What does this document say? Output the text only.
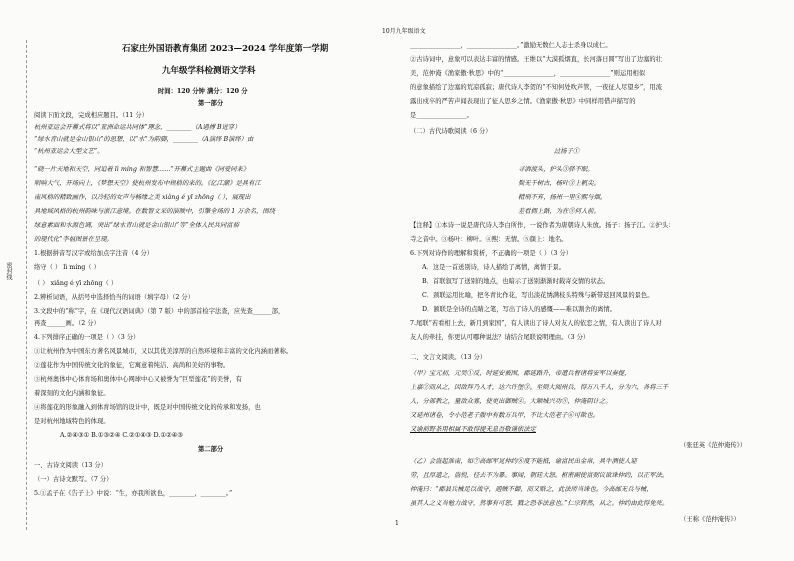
10月九年级语文
密封线
石家庄外国语教育集团 2023—2024 学年度第一学期
九年级学科检测语文学科
时间：120 分钟 满分：120 分
第一部分
阅读下面文段，完成相应题目。（11 分）
杭州亚运会开幕式将以“亚洲命运共同体”理念，________（A遇搏 B迸穿）
“绿水青山就是金山银山”的思想，以“水”为韵脚，________（A演绎 B演绎）由
“杭州亚运会大型文艺”。
“晓一片天地和天空，同追着 lì míng 和智慧……”开幕式主题曲《同爱同来》
唱响大气，开场向上，《梦想天空》使杭州发布中规格的来的。《亿江潮》是具有江
南风格的精致画作，以冷轻的女声与畅缘之美 xiǎng é yī zhōng（ ），展现出
具地域风格的杭州韵味与浙江意境。在数智文采的演映中，引擎全场的 1 万余名，围绕
绿意素面和水源色调，突出“绿水青山就是金山银山”等“全体人民共同富裕
的现代化”李福图景在呈现。
1.根据拼音写汉字或给加点字注音（4 分）
络守（ ） lì míng（ ）
（ ） xiǎng é yī zhōng（ ）
2.辨析词语，从括号中选择恰当的词语（填字母）（2 分）
3.文段中的“称”字，在《现代汉语词典》（第 7 版）中的部首检字法查，应先查______部，
再查______画。（2 分）
4.下列排序正确的一项是（ ）（3 分）
①让杭州作为中国东方著名风景城市，又以其优美淳厚的自然环境和丰富的文化内涵而著称。
②莲花作为中国传统文化的象征，它寓意着纯洁、高尚和美好的事物。
③杭州奥体中心体育场和奥体中心网球中心又被誉为“巨型莲花”的美誉，有
着深刻的文化内涵和象征。
④将莲花的形象融入到体育场馆的设计中，既是对中国传统文化的传承和发扬，也
是对杭州地域特色的体现。
A.②④③① B.①③②④ C.②①④③ D.①②④③
第二部分
一、古诗文阅读（13 分）
（一）古诗文默写。（7 分）
5.①孟子在《告子上》中说：“生，亦我所欲也，________，________。”
________________，________________。”激励无数仁人志士杀身以成仁。
②古诗词中，意象可以表达丰富的情感。王维以“大漠孤烟直，长河落日圆”写出了边塞的壮
美，范仲淹《渔家傲·秋思》中的“________________，________________”则运用相似
的意象描绘了边塞的荒凉孤寂；唐代诗人李贺的“不知何处吹芦管，一夜征人尽望乡”，用流
露出戍卒的严苦声闻表现出了征人思乡之情。《渔家傲·秋思》中同样用借声描写的
是________________。
（二）古代诗歌阅读（6 分）
过扬子①
寻洒渡头，护头③驿不眠。
鬓无千树古，杨叶③上帆尖。
精刑不弃，扬州一里④熙与烟。
差看拥上路，为在⑤何人前。
【注释】①本诗一说是唐代诗人李白所作，一说作者为唐朝诗人朱放。扬子：扬子江。②护头：
寺之音中。③杨叶：柳叶。④熙：无情。⑤颜上：地名。
6.下列对诗作的理解和赏析，不正确的一项是（ ）（3 分）
A．这是一首送别诗，诗人描绘了离情，离情于景。
B．首联叙写了送别的地点，也暗示了送别渐渐时载寄交情的状态。
C．颈联运用比喻，把冬青比作花，写出淡花绣满枝头特殊与新带返回风景的景色。
D．颔联是全诗的点睛之笔，写出了诗人的感慨——难以割舍的离情。
7.尾联“若看相上去，新月到家国”，有人读出了诗人对友人的依恋之情，有人读出了诗人对
友人的牵挂，你更认可哪种说法？请结合尾联说明理由。（3 分）
二、文言文阅读。（13 分）
（甲）宝元初，元昊①反，时延安被围，郡延路升，帝遣兵督诸将安军以奏提，
上嘉②而从之，因敌拜乃入才，达六许堡③。至则大阅州兵，得万八千人，分为六，各将三千
人，分部教之，量敌众寡，使更出御贼④。大顺城兴功⑤，仲淹阴计之。
又延州诸卷，令小范老子腹中有数万兵甲，不比大范老子⑥可欺也。
又谕前野茶用相属不敢得提无息吾敬谨依法定
（张廷英《范仲淹传》）
（乙）会盗起淮南，如⑦高邮军晁仲约⑧度不能抵，谕富民出金帛，具牛酒使人迎
劳，且厚遗之，盗悦，径去不为暴。事闻，朝廷大怒。枢密副使富弼议欲诛仲约，以正军法。
仲淹曰：“郡县兵械足以战守，遇贼不御，而又赂之，此法所当诛也。今高邮无兵与械，
虽其人之义当勉力战守，然事有可恕，戮之恐非法意也。”仁宗释然，从之。仲约由此得免死。
（王称《范仲淹传》）
1
